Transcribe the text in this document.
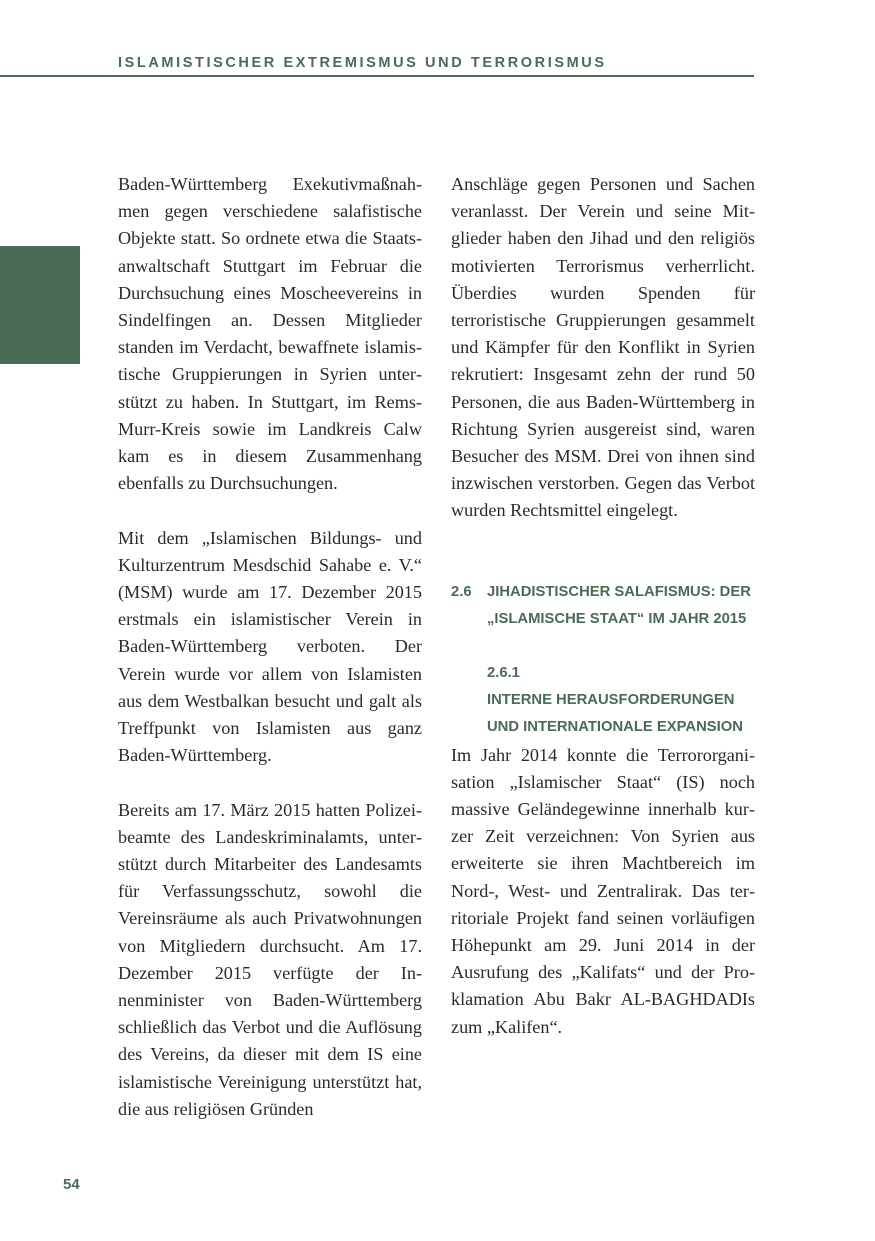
ISLAMISTISCHER EXTREMISMUS UND TERRORISMUS

Baden-Württemberg Exekutivmaßnahmen gegen verschiedene salafistische Objekte statt. So ordnete etwa die Staatsanwaltschaft Stuttgart im Februar die Durchsuchung eines Moscheevereins in Sindelfingen an. Dessen Mitglieder standen im Verdacht, bewaffnete islamistische Gruppierungen in Syrien unterstützt zu haben. In Stuttgart, im Rems-Murr-Kreis sowie im Landkreis Calw kam es in diesem Zusammenhang ebenfalls zu Durchsuchungen.

Mit dem „Islamischen Bildungs- und Kulturzentrum Mesdschid Sahabe e. V.“ (MSM) wurde am 17. Dezember 2015 erstmals ein islamistischer Verein in Baden-Württemberg verboten. Der Verein wurde vor allem von Islamisten aus dem Westbalkan besucht und galt als Treffpunkt von Islamisten aus ganz Baden-Württemberg.

Bereits am 17. März 2015 hatten Polizeibeamte des Landeskriminalamts, unterstützt durch Mitarbeiter des Landesamts für Verfassungsschutz, sowohl die Vereinsräume als auch Privatwohnungen von Mitgliedern durchsucht. Am 17. Dezember 2015 verfügte der Innenminister von Baden-Württemberg schließlich das Verbot und die Auflösung des Vereins, da dieser mit dem IS eine islamistische Vereinigung unterstützt hat, die aus religiösen Gründen

Anschläge gegen Personen und Sachen veranlasst. Der Verein und seine Mitglieder haben den Jihad und den religiös motivierten Terrorismus verherrlicht. Überdies wurden Spenden für terroristische Gruppierungen gesammelt und Kämpfer für den Konflikt in Syrien rekrutiert: Insgesamt zehn der rund 50 Personen, die aus Baden-Württemberg in Richtung Syrien ausgereist sind, waren Besucher des MSM. Drei von ihnen sind inzwischen verstorben. Gegen das Verbot wurden Rechtsmittel eingelegt.

2.6	JIHADISTISCHER SALAFISMUS: DER „ISLAMISCHE STAAT“ IM JAHR 2015
2.6.1
INTERNE HERAUSFORDERUNGEN UND INTERNATIONALE EXPANSION

Im Jahr 2014 konnte die Terrororganisation „Islamischer Staat“ (IS) noch massive Geländegewinne innerhalb kurzer Zeit verzeichnen: Von Syrien aus erweiterte sie ihren Machtbereich im Nord-, West- und Zentralirak. Das territoriale Projekt fand seinen vorläufigen Höhepunkt am 29. Juni 2014 in der Ausrufung des „Kalifats“ und der Proklamation Abu Bakr AL-BAGHDADIs zum „Kalifen“.

54
